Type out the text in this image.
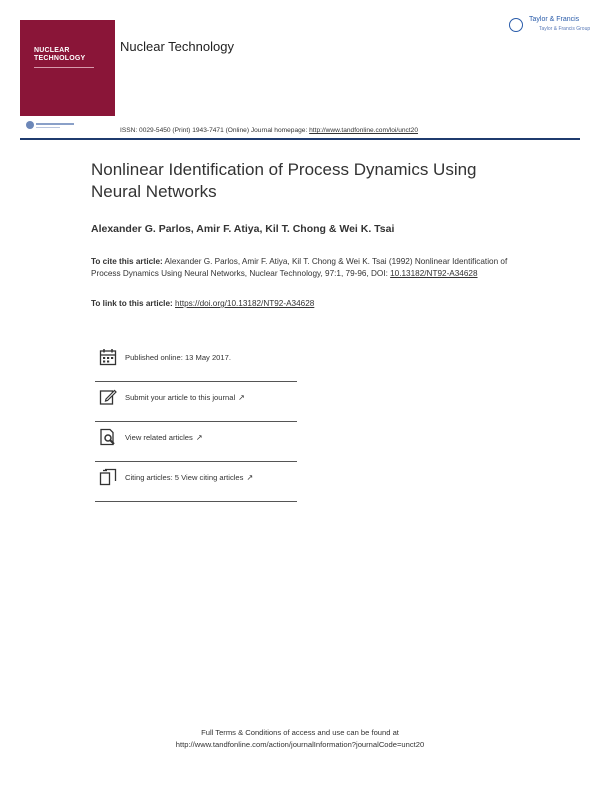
NUCLEAR
TECHNOLOGY
Taylor & Francis
Taylor & Francis Group
Nuclear Technology
ISSN: 0029-5450 (Print) 1943-7471 (Online) Journal homepage: http://www.tandfonline.com/loi/unct20
Nonlinear Identification of Process Dynamics Using Neural Networks
Alexander G. Parlos, Amir F. Atiya, Kil T. Chong & Wei K. Tsai
To cite this article: Alexander G. Parlos, Amir F. Atiya, Kil T. Chong & Wei K. Tsai (1992) Nonlinear Identification of Process Dynamics Using Neural Networks, Nuclear Technology, 97:1, 79-96, DOI: 10.13182/NT92-A34628
To link to this article: https://doi.org/10.13182/NT92-A34628
Published online: 13 May 2017.
Submit your article to this journal ↗
View related articles ↗
Citing articles: 5 View citing articles ↗
Full Terms & Conditions of access and use can be found at
http://www.tandfonline.com/action/journalInformation?journalCode=unct20
